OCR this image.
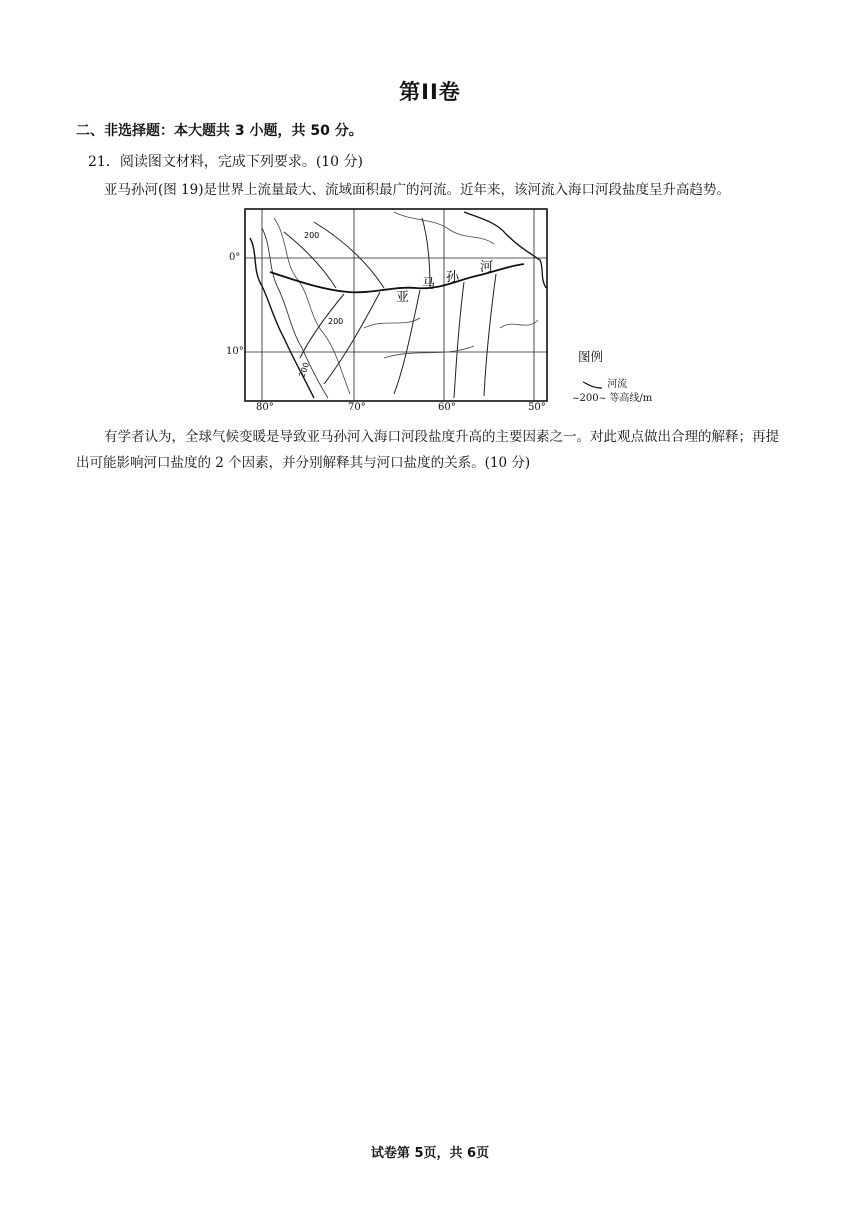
第II卷
二、非选择题：本大题共 3 小题，共 50 分。
21．阅读图文材料，完成下列要求。(10 分)
亚马孙河(图 19)是世界上流量最大、流域面积最广的河流。近年来，该河流入海口河段盐度呈升高趋势。
亚
马 孙
河
200
200
200
0°
10°
80°	70°	60°	50°
图例
河流
~200~ 等高线/m
有学者认为，全球气候变暖是导致亚马孙河入海口河段盐度升高的主要因素之一。对此观点做出合理的解释；再提出可能影响河口盐度的 2 个因素，并分别解释其与河口盐度的关系。(10 分)
试卷第 5页，共 6页
